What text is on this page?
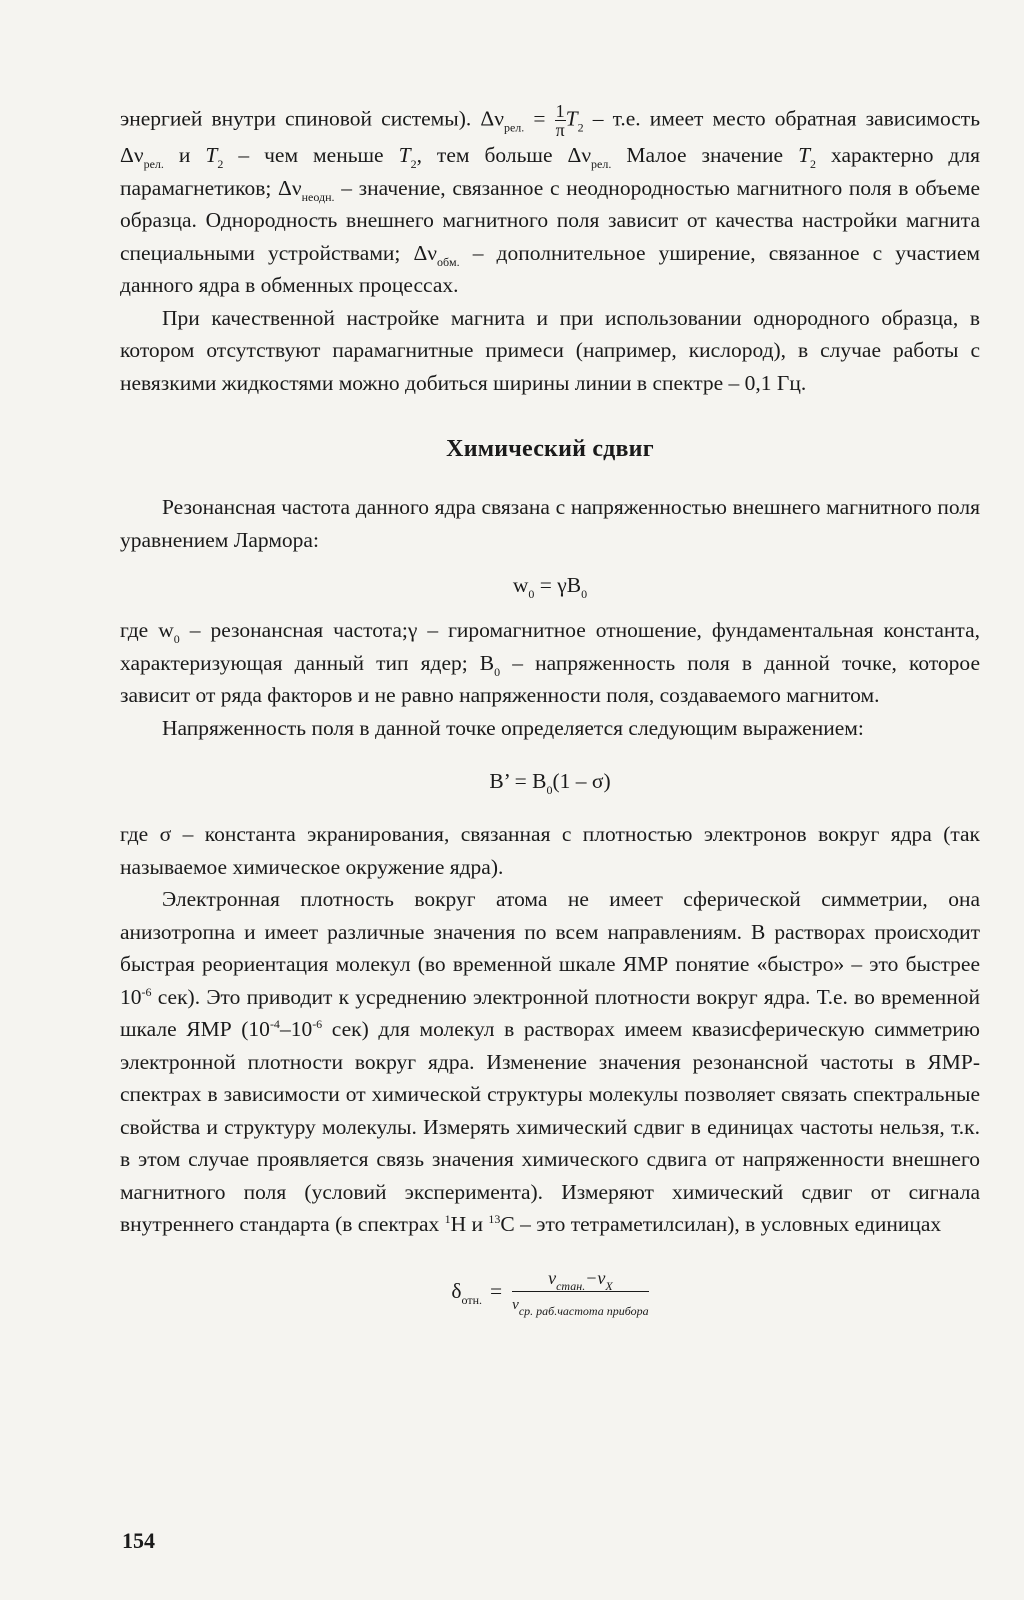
энергией внутри спиновой системы). $\Delta\nu_{рел.} = \frac{1}{\pi} T_2 - т.е$. имеет место обратная зависимость $\Delta\nu_{рел.}$ и $T_2$ – чем меньше $T_2$, тем больше $\Delta\nu_{рел.}$ Малое значение $T_2$ характерно для парамагнетиков; $\Delta\nu_{неодн.}$ – значение, связанное с неоднородностью магнитного поля в объеме образца. Однородность внешнего магнитного поля зависит от качества настройки магнита специальными устройствами; $\Delta\nu_{обм.}$ – дополнительное уширение, связанное с участием данного ядра в обменных процессах.

При качественной настройке магнита и при использовании однородного образца, в котором отсутствуют парамагнитные примеси (например, кислород), в случае работы с невязкими жидкостями можно добиться ширины линии в спектре – 0,1 Гц.

Химический сдвиг

Резонансная частота данного ядра связана с напряженностью внешнего магнитного поля уравнением Лармора:

$w_0 = \gamma B_0$

где $w_0$ – резонансная частота;γ – гиромагнитное отношение, фундаментальная константа, характеризующая данный тип ядер; $B_0$ – напряженность поля в данной точке, которое зависит от ряда факторов и не равно напряженности поля, создаваемого магнитом.

Напряженность поля в данной точке определяется следующим выражением:

B’ = $B_0(1 - \sigma)$

где σ – константа экранирования, связанная с плотностью электронов вокруг ядра (так называемое химическое окружение ядра).

Электронная плотность вокруг атома не имеет сферической симметрии, она анизотропна и имеет различные значения по всем направлениям. В растворах происходит быстрая реориентация молекул (во временной шкале ЯМР понятие «быстро» – это быстрее $10^{-6}$ сек). Это приводит к усреднению электронной плотности вокруг ядра. Т.е. во временной шкале ЯМР ($10^{-4}-10^{-6}$ сек) для молекул в растворах имеем квазисферическую симметрию электронной плотности вокруг ядра. Изменение значения резонансной частоты в ЯМР-спектрах в зависимости от химической структуры молекулы позволяет связать спектральные свойства и структуру молекулы. Измерять химический сдвиг в единицах частоты нельзя, т.к. в этом случае проявляется связь значения химического сдвига от напряженности внешнего магнитного поля (условий эксперимента). Измеряют химический сдвиг от сигнала внутреннего стандарта (в спектрах $^1$H и $^{13}$C – это тетраметилсилан), в условных единицах

$\delta_{отн.} = \frac{\nu_{стан.}-\nu_X}{\nu_{ср. раб.частота прибора}}$
154
